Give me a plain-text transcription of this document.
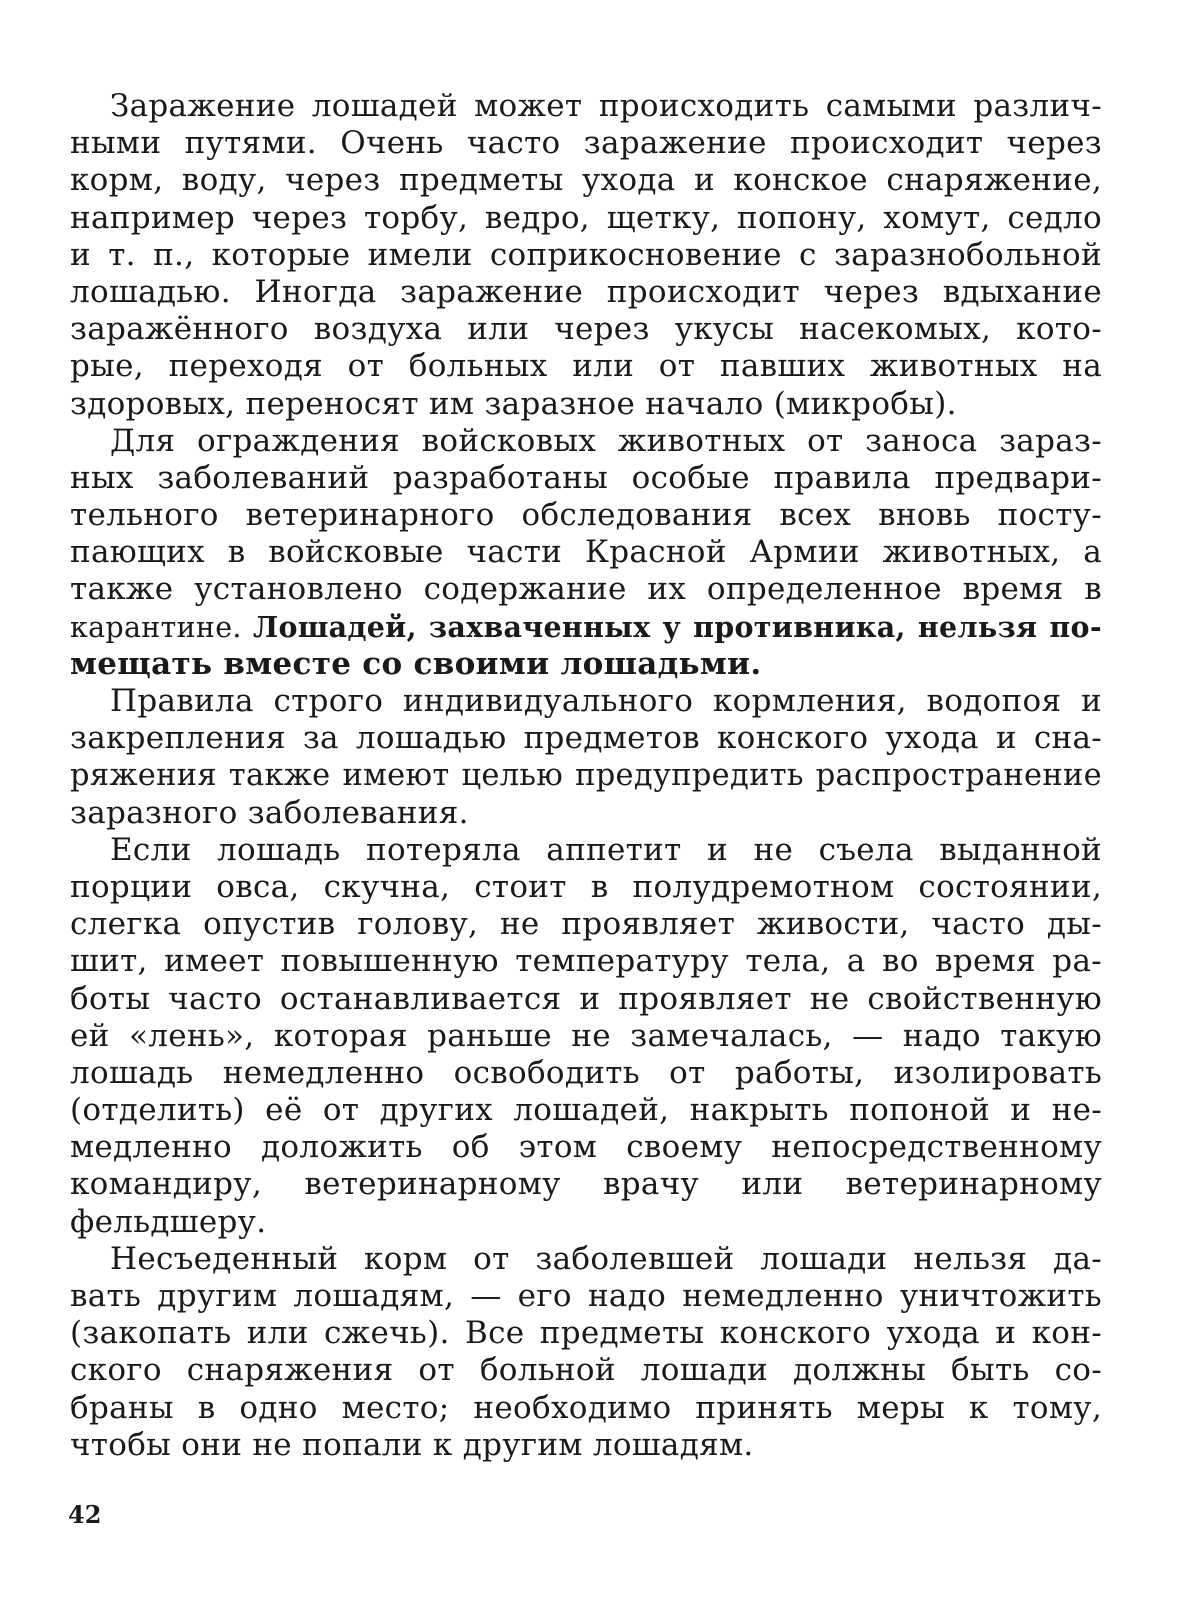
Заражение лошадей может происходить самыми различ-
ными путями. Очень часто заражение происходит через
корм, воду, через предметы ухода и конское снаряжение,
например через торбу, ведро, щетку, попону, хомут, седло
и т. п., которые имели соприкосновение с заразнобольной
лошадью. Иногда заражение происходит через вдыхание
заражённого воздуха или через укусы насекомых, кото-
рые, переходя от больных или от павших животных на
здоровых, переносят им заразное начало (микробы).
Для ограждения войсковых животных от заноса зараз-
ных заболеваний разработаны особые правила предвари-
тельного ветеринарного обследования всех вновь посту-
пающих в войсковые части Красной Армии животных, а
также установлено содержание их определенное время в
карантине. Лошадей, захваченных у противника, нельзя по-
мещать вместе со своими лошадьми.
Правила строго индивидуального кормления, водопоя и
закрепления за лошадью предметов конского ухода и сна-
ряжения также имеют целью предупредить распространение
заразного заболевания.
Если лошадь потеряла аппетит и не съела выданной
порции овса, скучна, стоит в полудремотном состоянии,
слегка опустив голову, не проявляет живости, часто ды-
шит, имеет повышенную температуру тела, а во время ра-
боты часто останавливается и проявляет не свойственную
ей «лень», которая раньше не замечалась, — надо такую
лошадь немедленно освободить от работы, изолировать
(отделить) её от других лошадей, накрыть попоной и не-
медленно доложить об этом своему непосредственному
командиру, ветеринарному врачу или ветеринарному
фельдшеру.
Несъеденный корм от заболевшей лошади нельзя да-
вать другим лошадям, — его надо немедленно уничтожить
(закопать или сжечь). Все предметы конского ухода и кон-
ского снаряжения от больной лошади должны быть со-
браны в одно место; необходимо принять меры к тому,
чтобы они не попали к другим лошадям.
42
